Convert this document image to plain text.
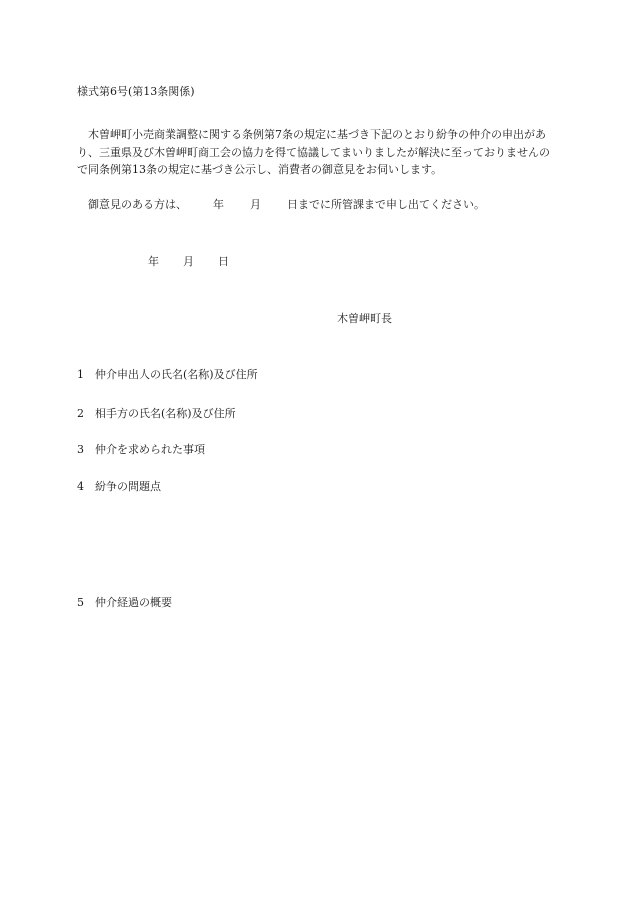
様式第6号(第13条関係)
木曽岬町小売商業調整に関する条例第7条の規定に基づき下記のとおり紛争の仲介の申出があり、三重県及び木曽岬町商工会の協力を得て協議してまいりましたが解決に至っておりませんので同条例第13条の規定に基づき公示し、消費者の御意見をお伺いします。
御意見のある方は、 年 月 日までに所管課まで申し出てください。
年 月 日
木曽岬町長
1 仲介申出人の氏名(名称)及び住所
2 相手方の氏名(名称)及び住所
3 仲介を求められた事項
4 紛争の問題点
5 仲介経過の概要
